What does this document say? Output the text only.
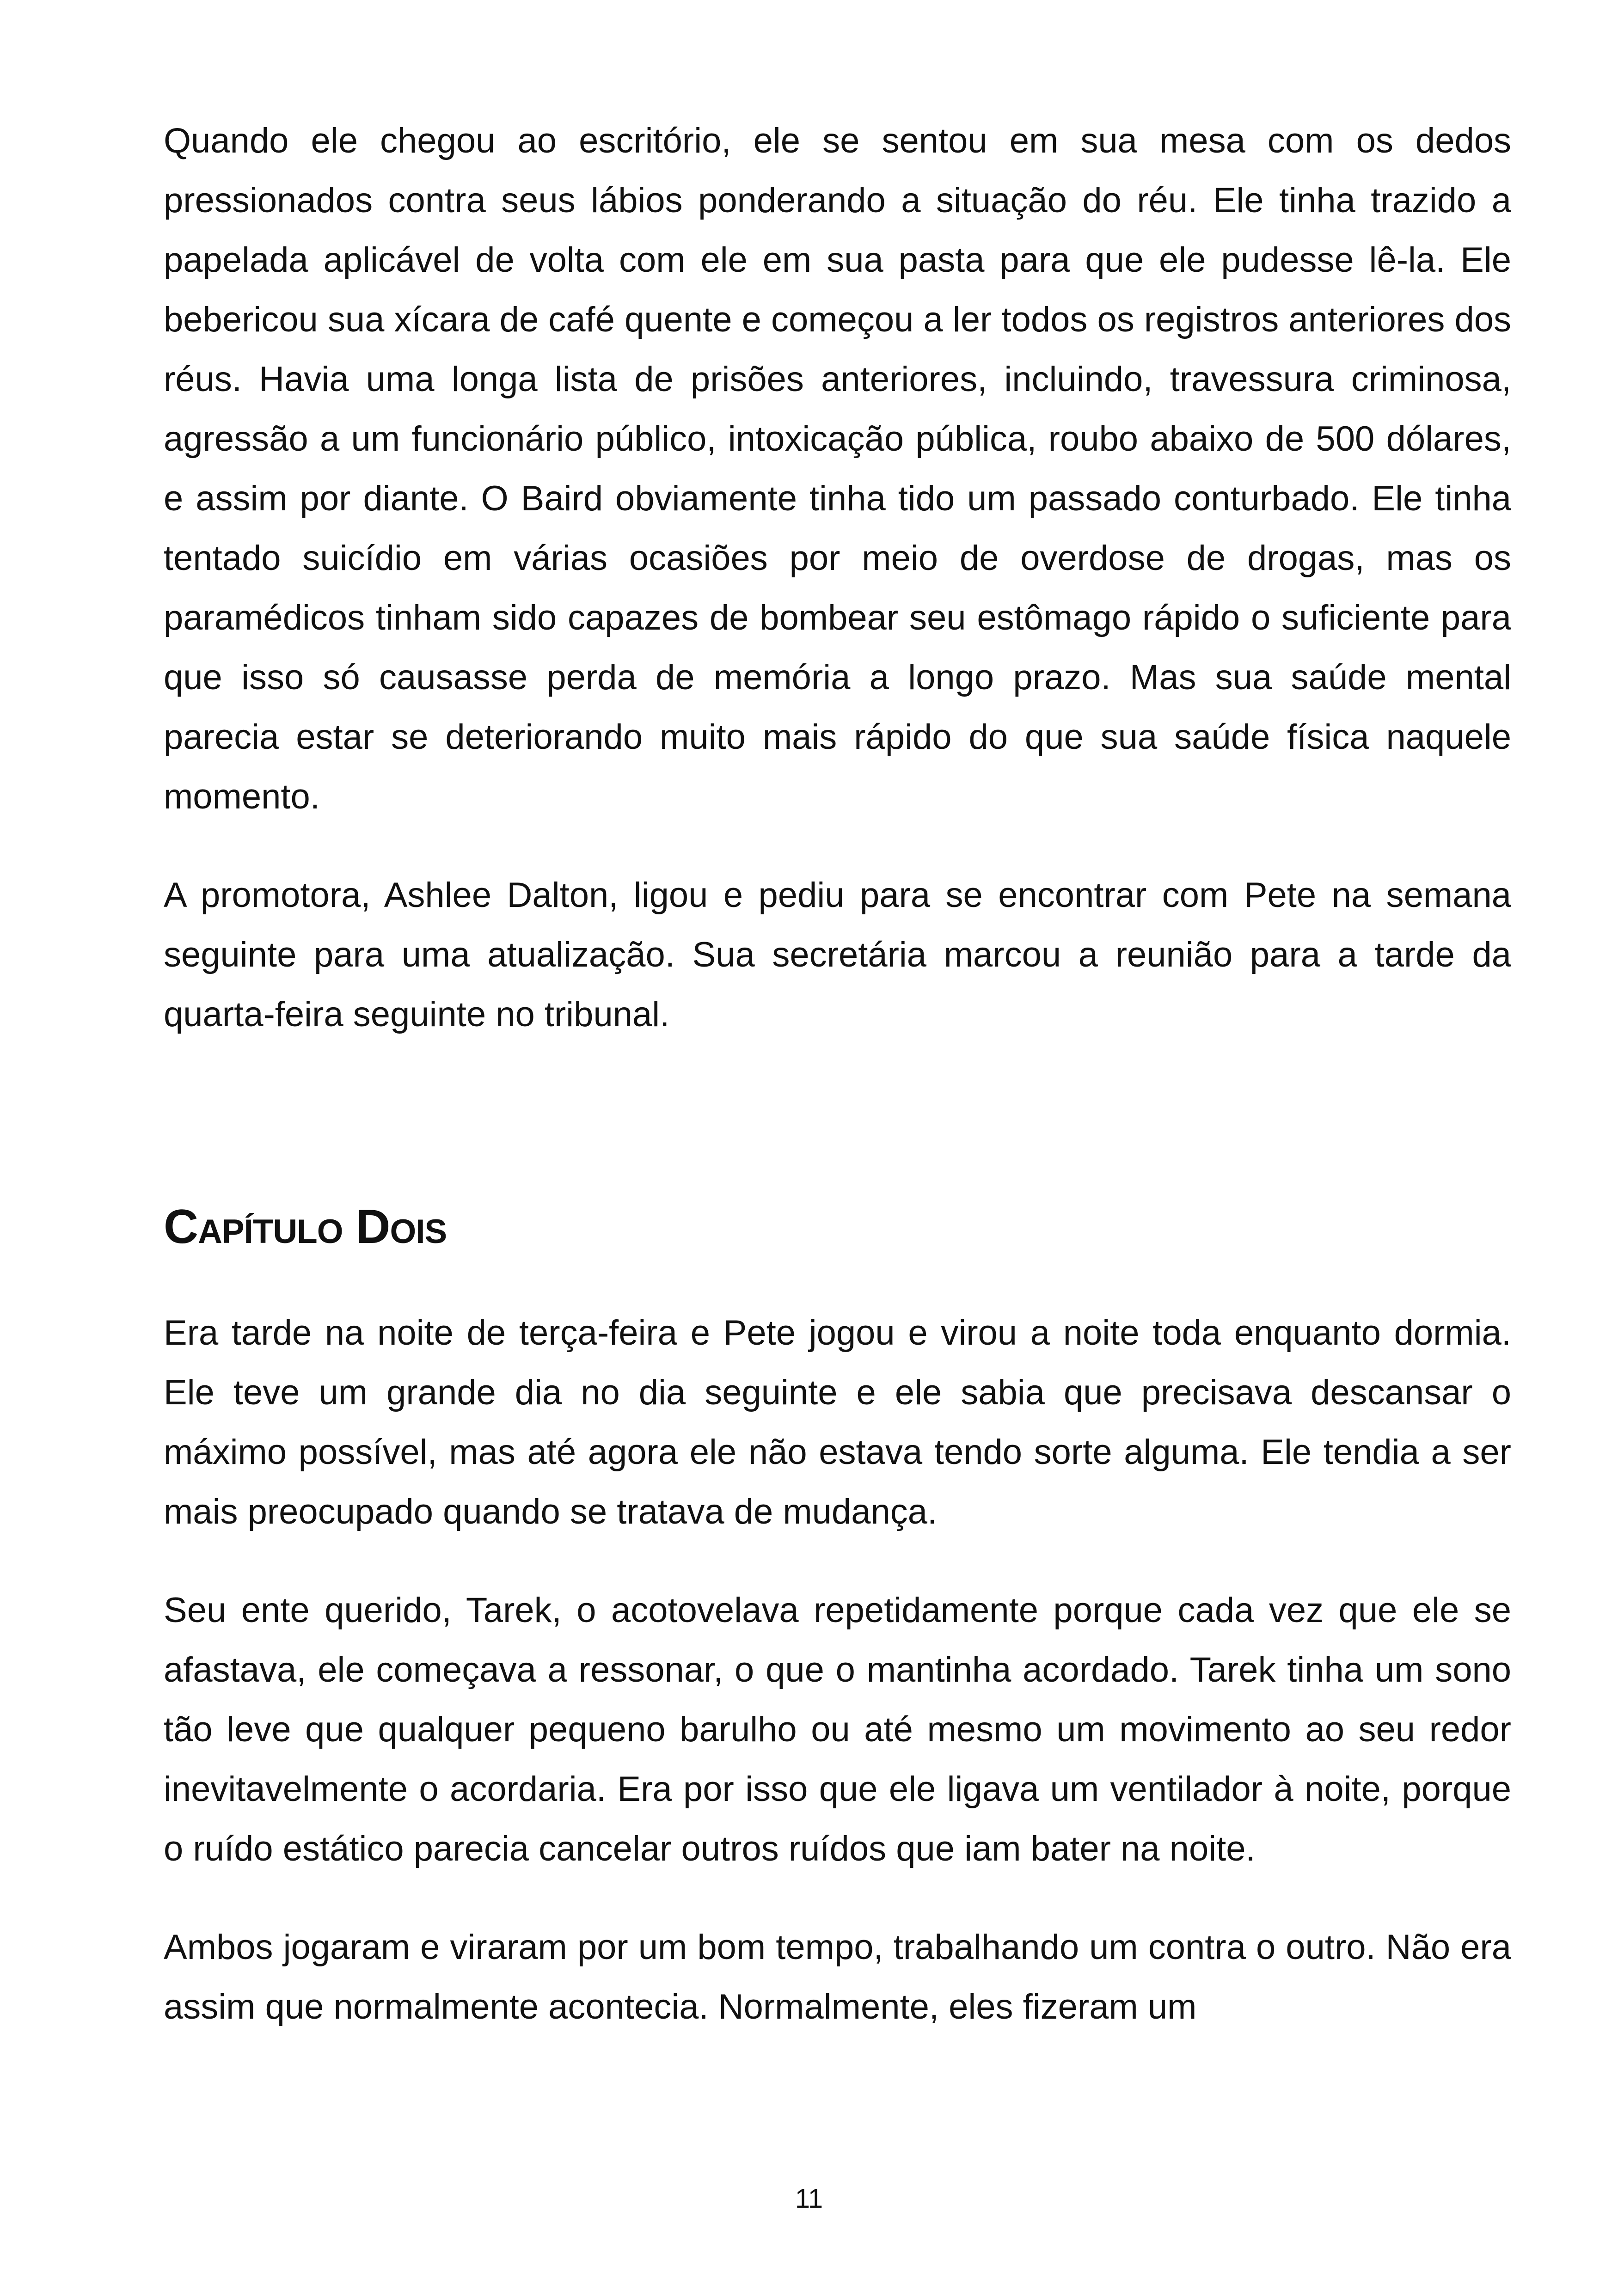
Quando ele chegou ao escritório, ele se sentou em sua mesa com os dedos pressionados contra seus lábios ponderando a situação do réu. Ele tinha trazido a papelada aplicável de volta com ele em sua pasta para que ele pudesse lê-la. Ele bebericou sua xícara de café quente e começou a ler todos os registros anteriores dos réus. Havia uma longa lista de prisões anteriores, incluindo, travessura criminosa, agressão a um funcionário público, intoxicação pública, roubo abaixo de 500 dólares, e assim por diante. O Baird obviamente tinha tido um passado conturbado. Ele tinha tentado suicídio em várias ocasiões por meio de overdose de drogas, mas os paramédicos tinham sido capazes de bombear seu estômago rápido o suficiente para que isso só causasse perda de memória a longo prazo. Mas sua saúde mental parecia estar se deteriorando muito mais rápido do que sua saúde física naquele momento.

A promotora, Ashlee Dalton, ligou e pediu para se encontrar com Pete na semana seguinte para uma atualização. Sua secretária marcou a reunião para a tarde da quarta-feira seguinte no tribunal.

Capítulo Dois

Era tarde na noite de terça-feira e Pete jogou e virou a noite toda enquanto dormia. Ele teve um grande dia no dia seguinte e ele sabia que precisava descansar o máximo possível, mas até agora ele não estava tendo sorte alguma. Ele tendia a ser mais preocupado quando se tratava de mudança.

Seu ente querido, Tarek, o acotovelava repetidamente porque cada vez que ele se afastava, ele começava a ressonar, o que o mantinha acordado. Tarek tinha um sono tão leve que qualquer pequeno barulho ou até mesmo um movimento ao seu redor inevitavelmente o acordaria. Era por isso que ele ligava um ventilador à noite, porque o ruído estático parecia cancelar outros ruídos que iam bater na noite.

Ambos jogaram e viraram por um bom tempo, trabalhando um contra o outro. Não era assim que normalmente acontecia. Normalmente, eles fizeram um

11
